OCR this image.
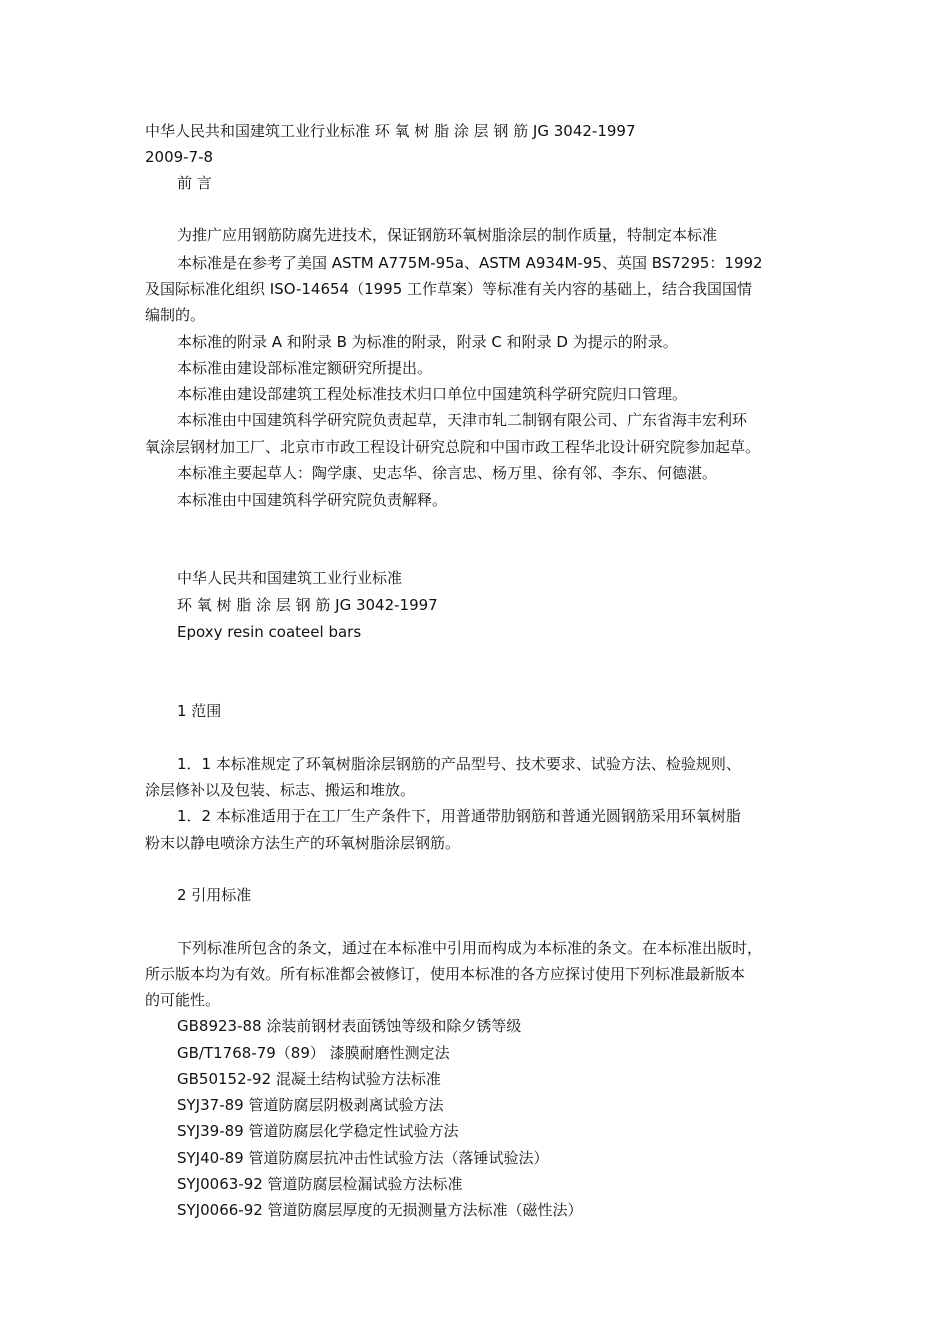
中华人民共和国建筑工业行业标准 环 氧 树 脂 涂 层 钢 筋 JG 3042-1997
2009-7-8
前 言
为推广应用钢筋防腐先进技术，保证钢筋环氧树脂涂层的制作质量，特制定本标准
本标准是在参考了美国 ASTM A775M-95a、ASTM A934M-95、英国 BS7295：1992
及国际标准化组织 ISO-14654（1995 工作草案）等标准有关内容的基础上，结合我国国情
编制的。
本标准的附录 A 和附录 B 为标准的附录，附录 C 和附录 D 为提示的附录。
本标准由建设部标准定额研究所提出。
本标准由建设部建筑工程处标准技术归口单位中国建筑科学研究院归口管理。
本标准由中国建筑科学研究院负责起草，天津市轧二制钢有限公司、广东省海丰宏利环
氧涂层钢材加工厂、北京市市政工程设计研究总院和中国市政工程华北设计研究院参加起草。
本标准主要起草人：陶学康、史志华、徐言忠、杨万里、徐有邻、李东、何德湛。
本标准由中国建筑科学研究院负责解释。
中华人民共和国建筑工业行业标准
环 氧 树 脂 涂 层 钢 筋 JG 3042-1997
Epoxy resin coateel bars
1 范围
1．1 本标准规定了环氧树脂涂层钢筋的产品型号、技术要求、试验方法、检验规则、
涂层修补以及包装、标志、搬运和堆放。
1．2 本标准适用于在工厂生产条件下，用普通带肋钢筋和普通光圆钢筋采用环氧树脂
粉末以静电喷涂方法生产的环氧树脂涂层钢筋。
2 引用标准
下列标准所包含的条文，通过在本标准中引用而构成为本标准的条文。在本标准出版时，
所示版本均为有效。所有标准都会被修订，使用本标准的各方应探讨使用下列标准最新版本
的可能性。
GB8923-88 涂装前钢材表面锈蚀等级和除夕锈等级
GB/T1768-79（89） 漆膜耐磨性测定法
GB50152-92 混凝土结构试验方法标准
SYJ37-89 管道防腐层阴极剥离试验方法
SYJ39-89 管道防腐层化学稳定性试验方法
SYJ40-89 管道防腐层抗冲击性试验方法（落锤试验法）
SYJ0063-92 管道防腐层检漏试验方法标准
SYJ0066-92 管道防腐层厚度的无损测量方法标准（磁性法）
